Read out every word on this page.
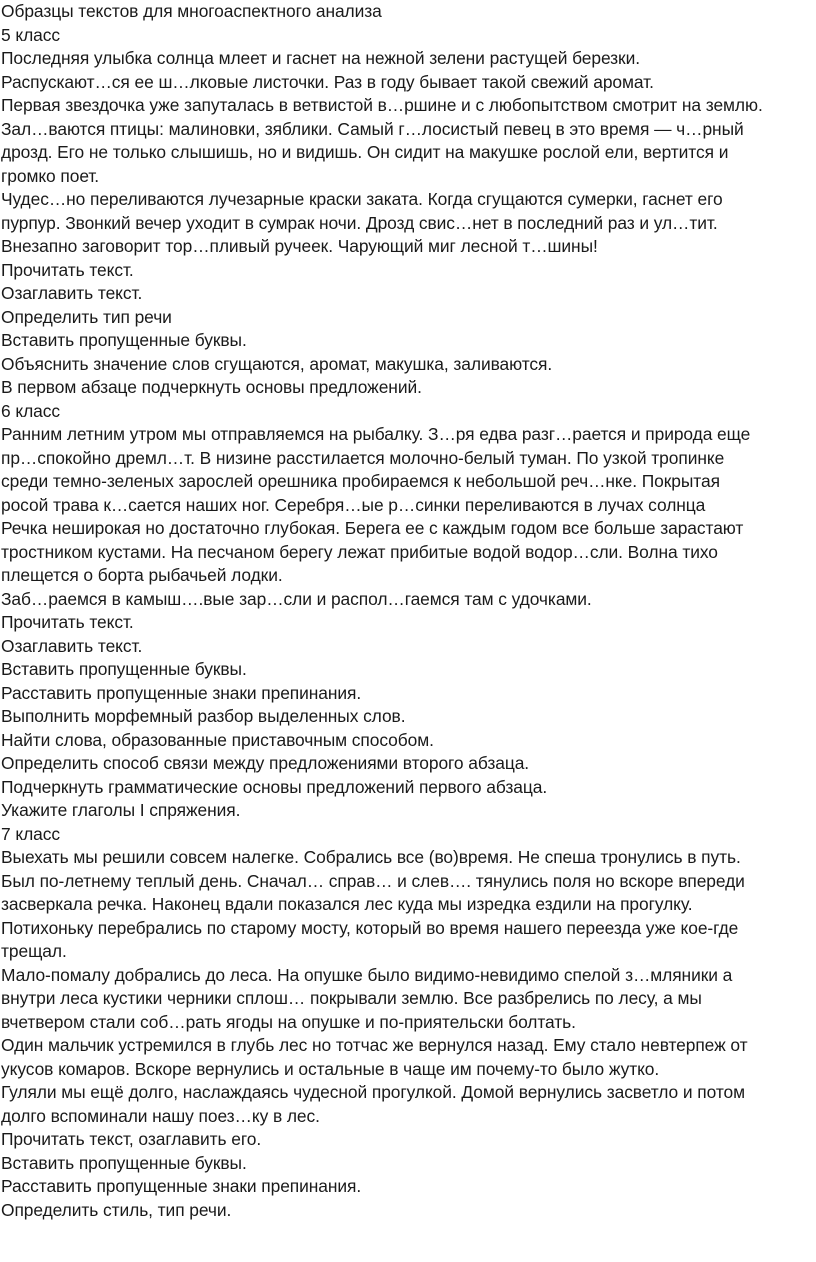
Образцы текстов для многоаспектного анализа

5 класс

Последняя улыбка солнца млеет и гаснет на нежной зелени растущей березки.

Распускают…ся ее ш…лковые листочки. Раз в году бывает такой свежий аромат.

Первая звездочка уже запуталась в ветвистой в…ршине и с любопытством смотрит на землю.

Зал…ваются птицы: малиновки, зяблики. Самый г…лосистый певец в это время — ч…рный

дрозд. Его не только слышишь, но и видишь. Он сидит на макушке рослой ели, вертится и

громко поет.

Чудес…но переливаются лучезарные краски заката. Когда сгущаются сумерки, гаснет его

пурпур. Звонкий вечер уходит в сумрак ночи. Дрозд свис…нет в последний раз и ул…тит.

Внезапно заговорит тор…пливый ручеек. Чарующий миг лесной т…шины!

Прочитать текст.

Озаглавить текст.

Определить тип речи

Вставить пропущенные буквы.

Объяснить значение слов сгущаются, аромат, макушка, заливаются.

В первом абзаце подчеркнуть основы предложений.

6 класс

Ранним летним утром мы отправляемся на рыбалку. З…ря едва разг…рается и природа еще

пр…спокойно дремл…т. В низине расстилается молочно-белый туман. По узкой тропинке

среди темно-зеленых зарослей орешника пробираемся к небольшой реч…нке. Покрытая

росой трава к…сается наших ног. Серебря…ые р…синки переливаются в лучах солнца

Речка неширокая но достаточно глубокая. Берега ее с каждым годом все больше зарастают

тростником кустами. На песчаном берегу лежат прибитые водой водор…сли. Волна тихо

плещется о борта рыбачьей лодки.

Заб…раемся в камыш….вые зар…сли и распол…гаемся там с удочками.

Прочитать текст.

Озаглавить текст.

Вставить пропущенные буквы.

Расставить пропущенные знаки препинания.

Выполнить морфемный разбор выделенных слов.

Найти слова, образованные приставочным способом.

Определить способ связи между предложениями второго абзаца.

Подчеркнуть грамматические основы предложений первого абзаца.

Укажите глаголы I спряжения.

7 класс

Выехать мы решили совсем налегке. Собрались все (во)время. Не спеша тронулись в путь.

Был по-летнему теплый день. Сначал… справ… и слев…. тянулись поля но вскоре впереди

засверкала речка. Наконец вдали показался лес куда мы изредка ездили на прогулку.

Потихоньку перебрались по старому мосту, который во время нашего переезда уже кое-где

трещал.

Мало-помалу добрались до леса. На опушке было видимо-невидимо спелой з…мляники а

внутри леса кустики черники сплош… покрывали землю. Все разбрелись по лесу, а мы

вчетвером стали соб…рать ягоды на опушке и по-приятельски болтать.

Один мальчик устремился в глубь лес но тотчас же вернулся назад. Ему стало невтерпеж от

укусов комаров. Вскоре вернулись и остальные в чаще им почему-то было жутко.

Гуляли мы ещё долго, наслаждаясь чудесной прогулкой. Домой вернулись засветло и потом

долго вспоминали нашу поез…ку в лес.

Прочитать текст, озаглавить его.

Вставить пропущенные буквы.

Расставить пропущенные знаки препинания.

Определить стиль, тип речи.
